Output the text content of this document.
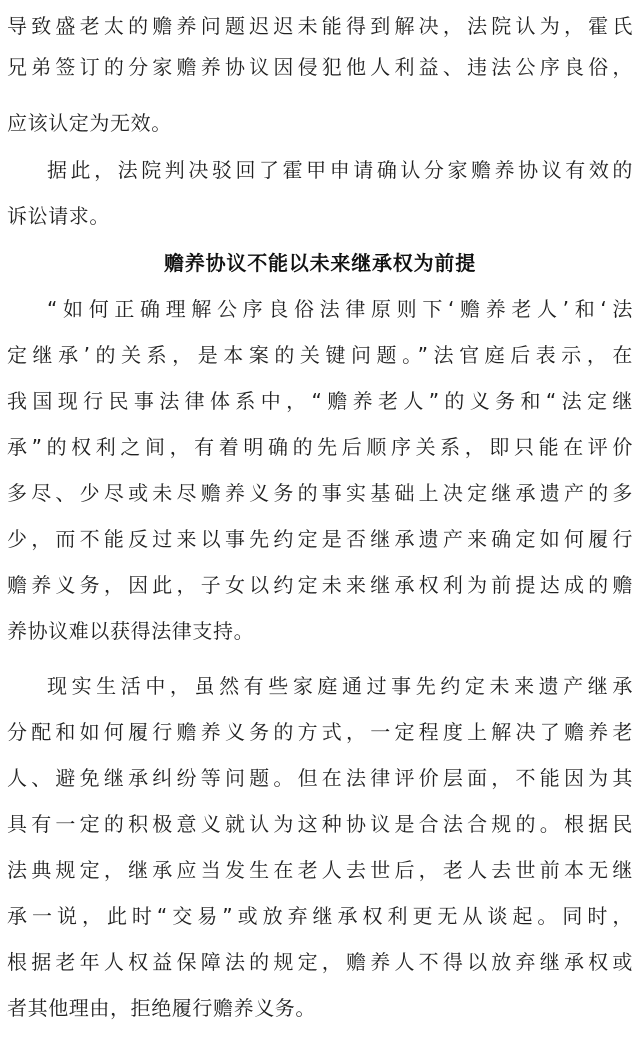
导致盛老太的赡养问题迟迟未能得到解决，法院认为，霍氏
兄弟签订的分家赡养协议因侵犯他人利益、违法公序良俗，
应该认定为无效。
据此，法院判决驳回了霍甲申请确认分家赡养协议有效的
诉讼请求。
赡养协议不能以未来继承权为前提
“如何正确理解公序良俗法律原则下‘赡养老人’和‘法
定继承’的关系，是本案的关键问题。”法官庭后表示，在
我国现行民事法律体系中，“赡养老人”的义务和“法定继
承”的权利之间，有着明确的先后顺序关系，即只能在评价
多尽、少尽或未尽赡养义务的事实基础上决定继承遗产的多
少，而不能反过来以事先约定是否继承遗产来确定如何履行
赡养义务，因此，子女以约定未来继承权利为前提达成的赡
养协议难以获得法律支持。
现实生活中，虽然有些家庭通过事先约定未来遗产继承
分配和如何履行赡养义务的方式，一定程度上解决了赡养老
人、避免继承纠纷等问题。但在法律评价层面，不能因为其
具有一定的积极意义就认为这种协议是合法合规的。根据民
法典规定，继承应当发生在老人去世后，老人去世前本无继
承一说，此时“交易”或放弃继承权利更无从谈起。同时，
根据老年人权益保障法的规定，赡养人不得以放弃继承权或
者其他理由，拒绝履行赡养义务。
